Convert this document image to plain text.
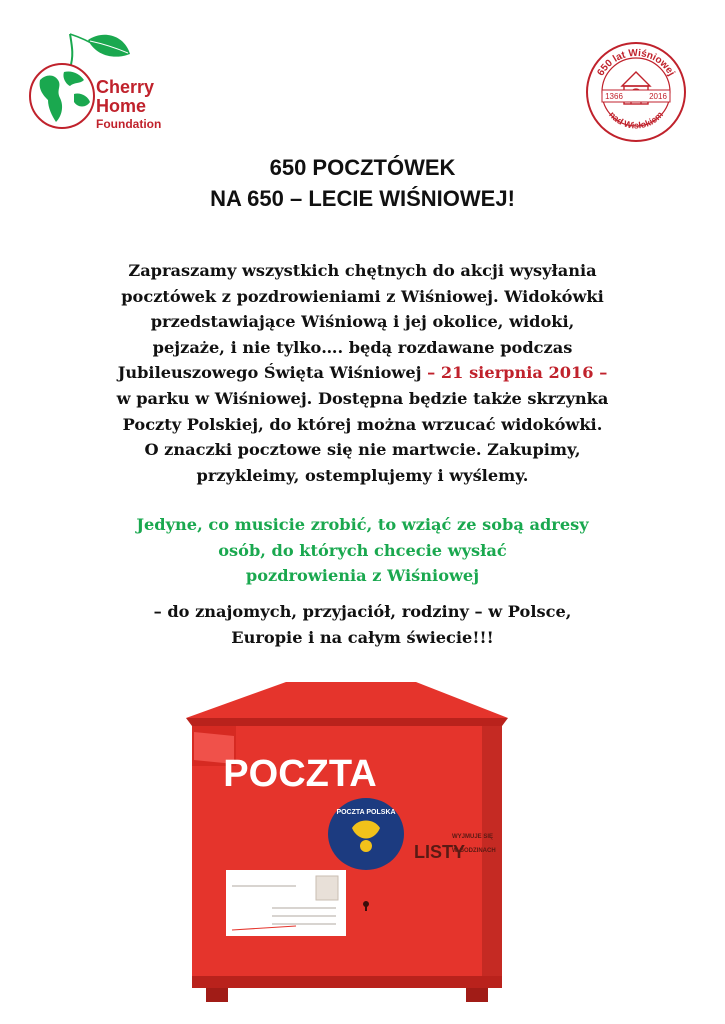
Cherry
Home
Foundation
650 lat Wiśniowej
nad Wisłokiem
1366	2016
650 POCZTÓWEK
NA 650 – LECIE WIŚNIOWEJ!
Zapraszamy wszystkich chętnych do akcji wysyłania
pocztówek z pozdrowieniami z Wiśniowej. Widokówki
przedstawiające Wiśniową i jej okolice, widoki,
pejzaże, i nie tylko…. będą rozdawane podczas
Jubileuszowego Święta Wiśniowej – 21 sierpnia 2016 –
w parku w Wiśniowej. Dostępna będzie także skrzynka
Poczty Polskiej, do której można wrzucać widokówki.
O znaczki pocztowe się nie martwcie. Zakupimy,
przykleimy, ostemplujemy i wyślemy.
Jedyne, co musicie zrobić, to wziąć ze sobą adresy
osób, do których chcecie wysłać
pozdrowienia z Wiśniowej
– do znajomych, przyjaciół, rodziny – w Polsce,
Europie i na całym świecie!!!
POCZTA
POCZTA POLSKA
LISTY
WYJMUJE SIĘ
W GODZINACH
